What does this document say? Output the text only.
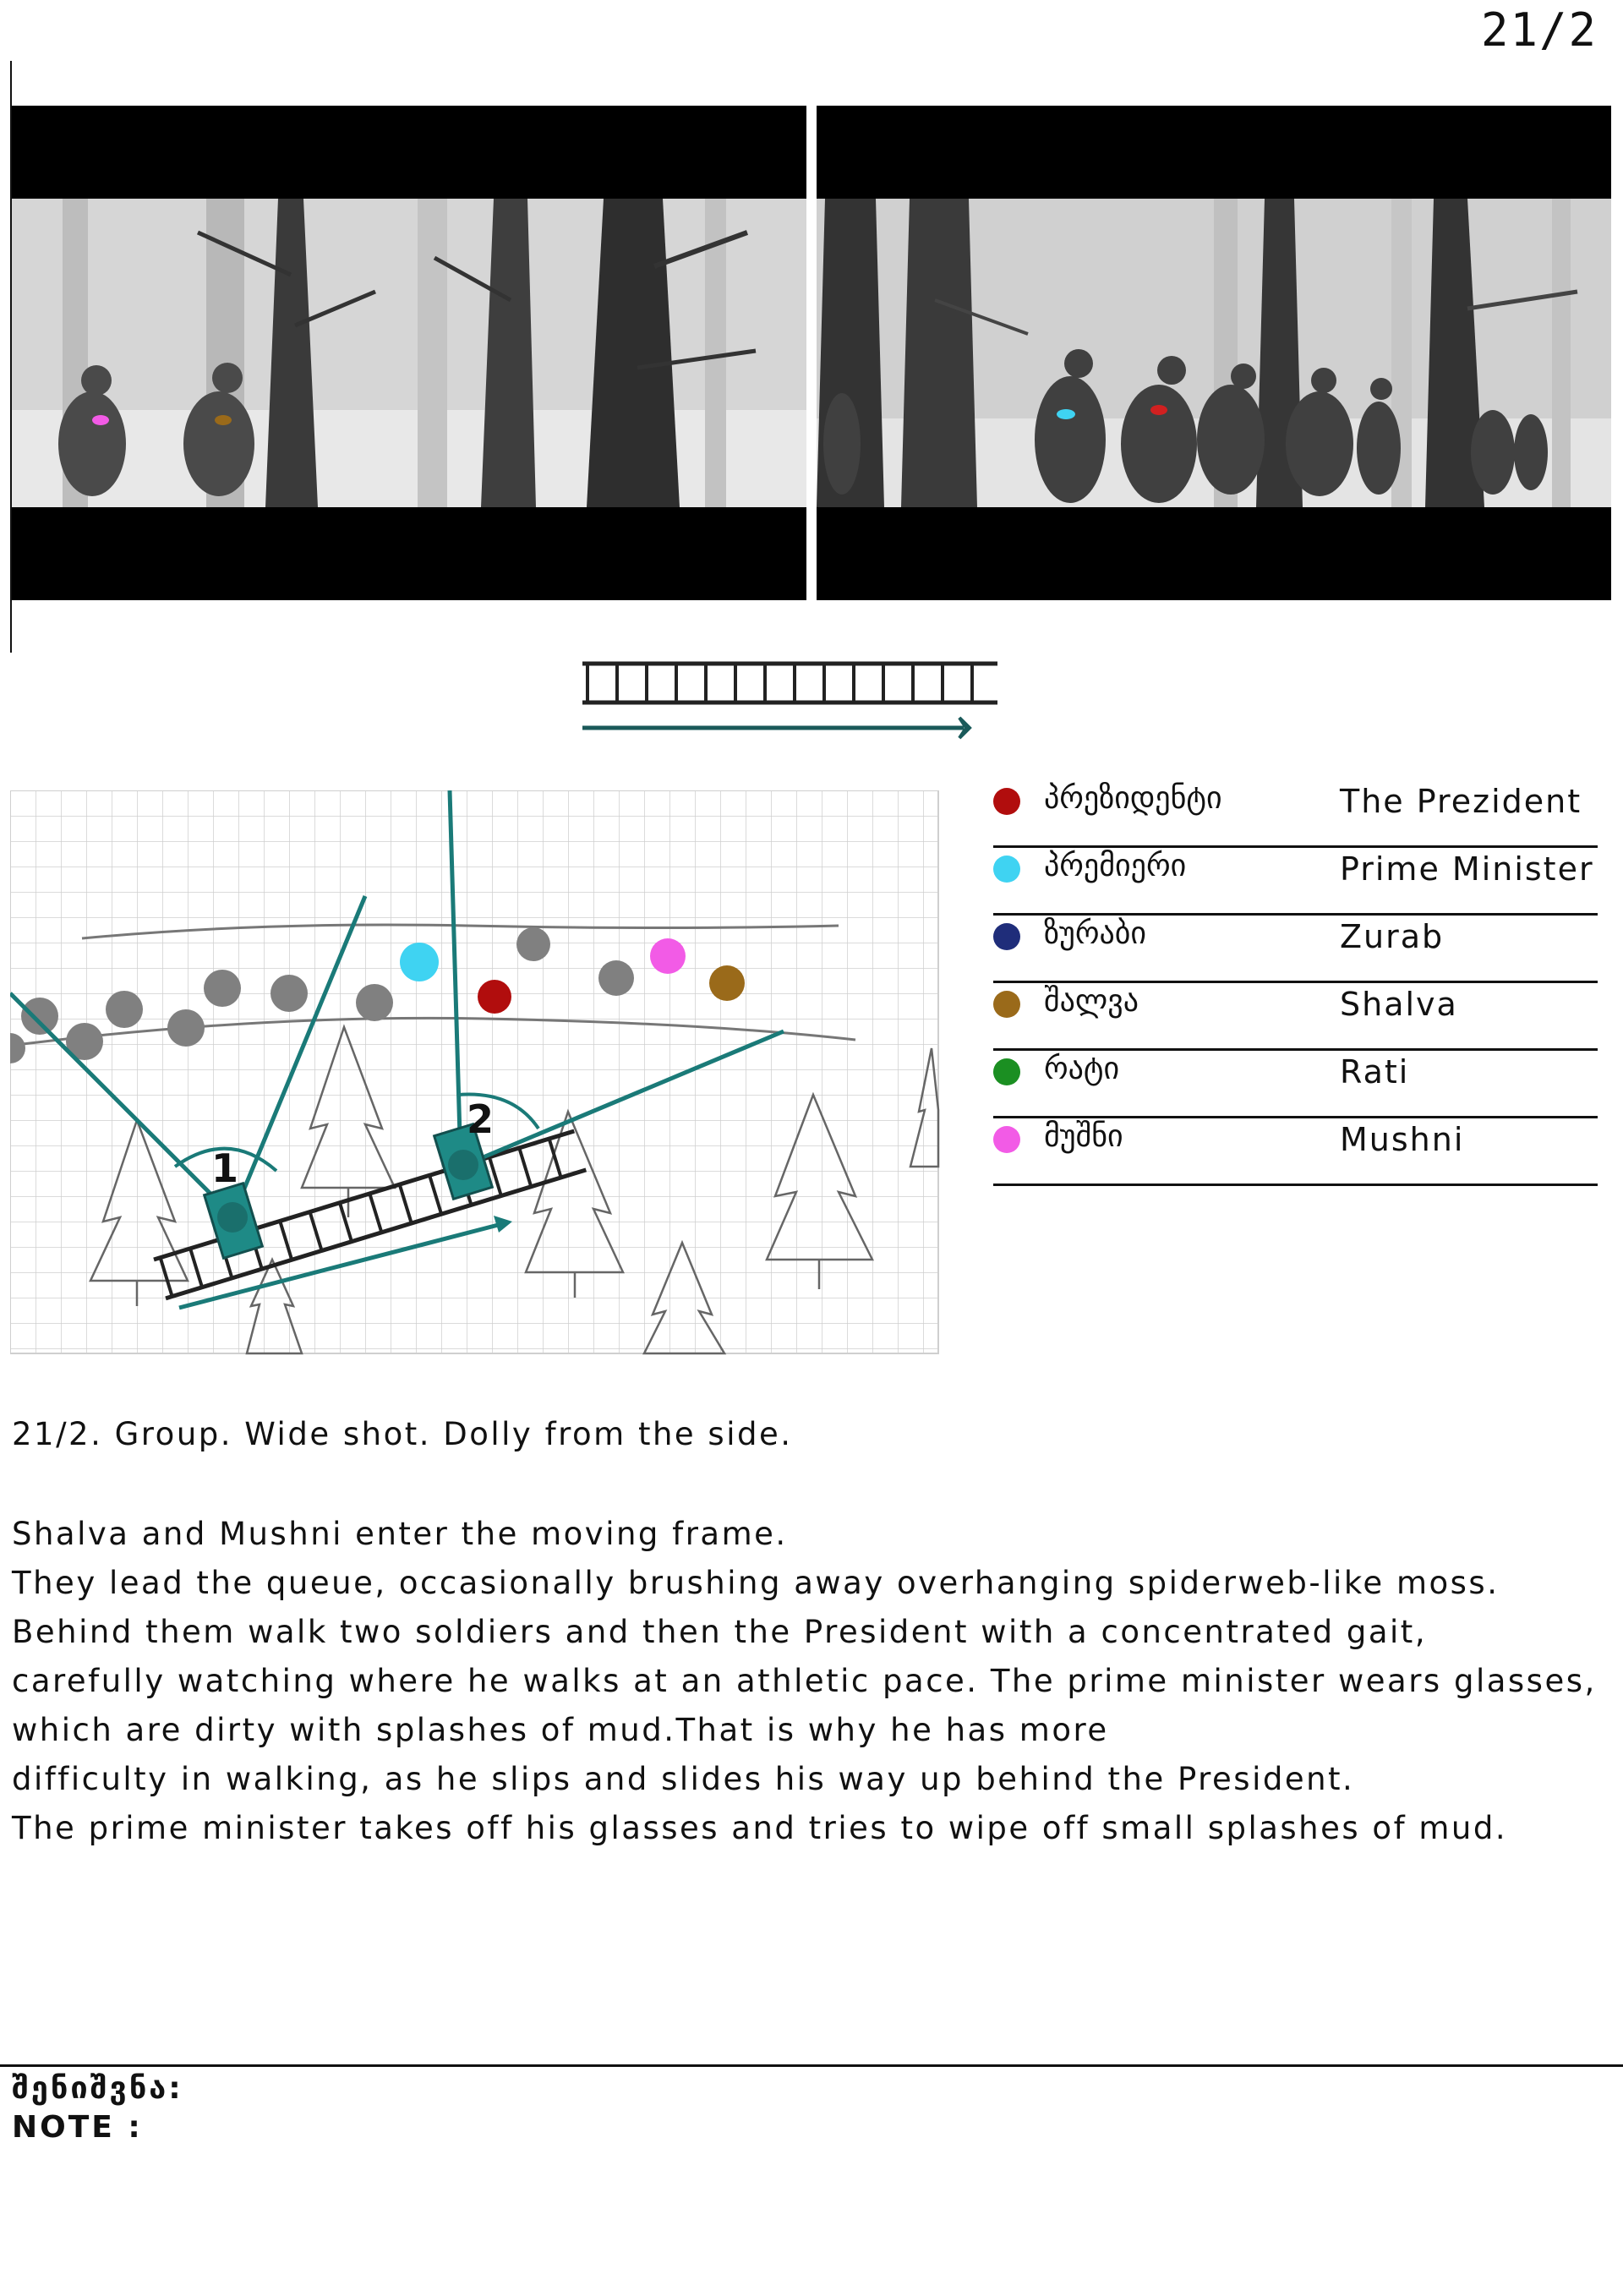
21/2
პრეზიდენტი	The Prezident
პრემიერი	Prime Minister
ზურაბი	Zurab
შალვა	Shalva
რატი	Rati
მუშნი	Mushni
1
2
21/2. Group. Wide shot. Dolly from the side.
Shalva and Mushni enter the moving frame.
They lead the queue, occasionally brushing away overhanging spiderweb-like moss.
Behind them walk two soldiers and then the President with a concentrated gait,
carefully watching where he walks at an athletic pace. The prime minister wears glasses,
which are dirty with splashes of mud.That is why he has more
difficulty in walking, as he slips and slides his way up behind the President.
The prime minister takes off his glasses and tries to wipe off small splashes of mud.
შენიშვნა:
NOTE :
